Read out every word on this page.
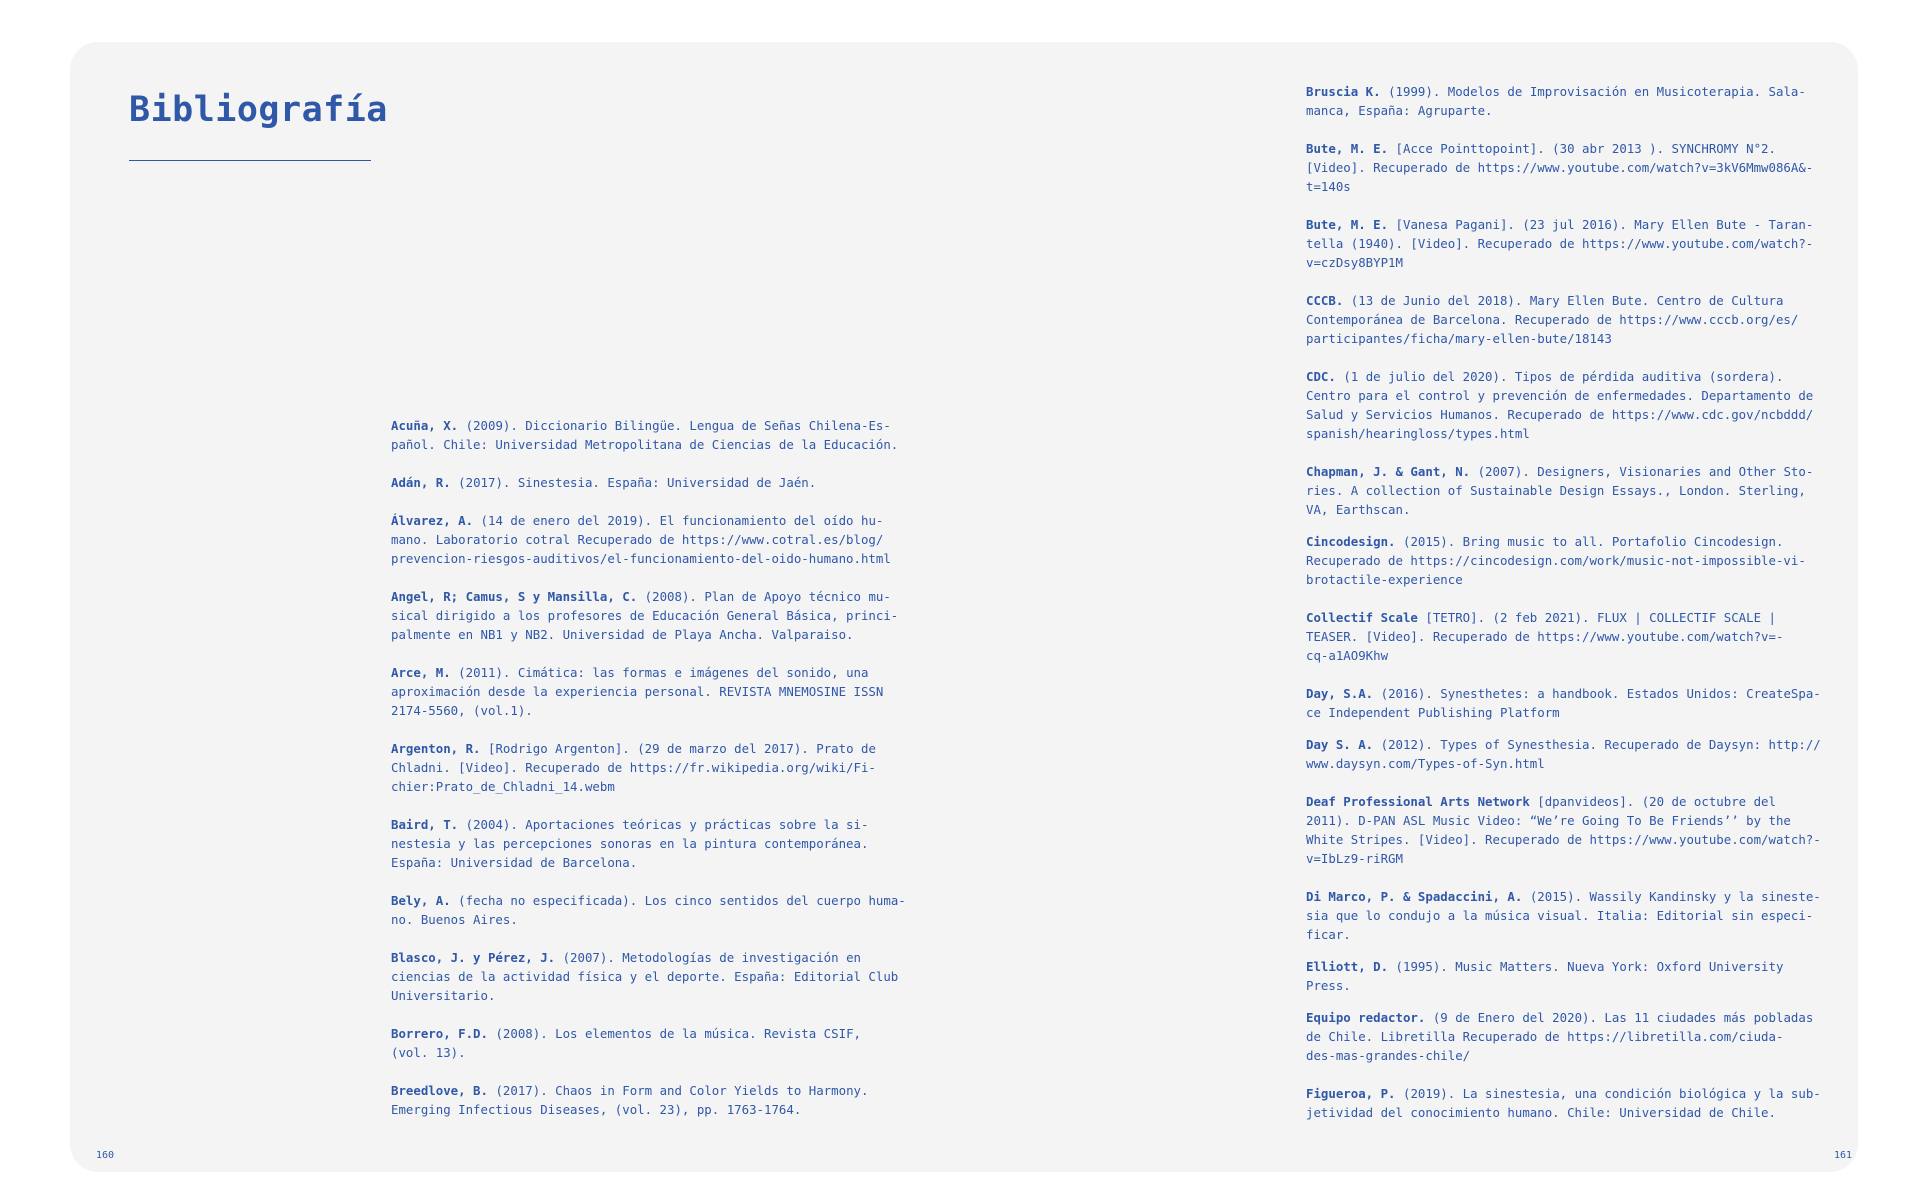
Bibliografía

Acuña, X. (2009). Diccionario Bilingüe. Lengua de Señas Chilena-Es-
pañol. Chile: Universidad Metropolitana de Ciencias de la Educación.

Adán, R. (2017). Sinestesia. España: Universidad de Jaén.

Álvarez, A. (14 de enero del 2019). El funcionamiento del oído hu-
mano. Laboratorio cotral Recuperado de https://www.cotral.es/blog/
prevencion-riesgos-auditivos/el-funcionamiento-del-oido-humano.html

Angel, R; Camus, S y Mansilla, C. (2008). Plan de Apoyo técnico mu-
sical dirigido a los profesores de Educación General Básica, princi-
palmente en NB1 y NB2. Universidad de Playa Ancha. Valparaiso.

Arce, M. (2011). Cimática: las formas e imágenes del sonido, una
aproximación desde la experiencia personal. REVISTA MNEMOSINE ISSN
2174-5560, (vol.1).

Argenton, R. [Rodrigo Argenton]. (29 de marzo del 2017). Prato de
Chladni. [Video]. Recuperado de https://fr.wikipedia.org/wiki/Fi-
chier:Prato_de_Chladni_14.webm

Baird, T. (2004). Aportaciones teóricas y prácticas sobre la si-
nestesia y las percepciones sonoras en la pintura contemporánea.
España: Universidad de Barcelona.

Bely, A. (fecha no especificada). Los cinco sentidos del cuerpo huma-
no. Buenos Aires.

Blasco, J. y Pérez, J. (2007). Metodologías de investigación en
ciencias de la actividad física y el deporte. España: Editorial Club
Universitario.

Borrero, F.D. (2008). Los elementos de la música. Revista CSIF,
(vol. 13).

Breedlove, B. (2017). Chaos in Form and Color Yields to Harmony.
Emerging Infectious Diseases, (vol. 23), pp. 1763-1764.

Bruscia K. (1999). Modelos de Improvisación en Musicoterapia. Sala-
manca, España: Agruparte.

Bute, M. E. [Acce Pointtopoint]. (30 abr 2013 ). SYNCHROMY N°2.
[Video]. Recuperado de https://www.youtube.com/watch?v=3kV6Mmw086A&-
t=140s

Bute, M. E. [Vanesa Pagani]. (23 jul 2016). Mary Ellen Bute - Taran-
tella (1940). [Video]. Recuperado de https://www.youtube.com/watch?-
v=czDsy8BYP1M

CCCB. (13 de Junio del 2018). Mary Ellen Bute. Centro de Cultura
Contemporánea de Barcelona. Recuperado de https://www.cccb.org/es/
participantes/ficha/mary-ellen-bute/18143

CDC. (1 de julio del 2020). Tipos de pérdida auditiva (sordera).
Centro para el control y prevención de enfermedades. Departamento de
Salud y Servicios Humanos. Recuperado de https://www.cdc.gov/ncbddd/
spanish/hearingloss/types.html

Chapman, J. & Gant, N. (2007). Designers, Visionaries and Other Sto-
ries. A collection of Sustainable Design Essays., London. Sterling,
VA, Earthscan.

Cincodesign. (2015). Bring music to all. Portafolio Cincodesign.
Recuperado de https://cincodesign.com/work/music-not-impossible-vi-
brotactile-experience

Collectif Scale [TETRO]. (2 feb 2021). FLUX | COLLECTIF SCALE |
TEASER. [Video]. Recuperado de https://www.youtube.com/watch?v=-
cq-a1AO9Khw

Day, S.A. (2016). Synesthetes: a handbook. Estados Unidos: CreateSpa-
ce Independent Publishing Platform

Day S. A. (2012). Types of Synesthesia. Recuperado de Daysyn: http://
www.daysyn.com/Types-of-Syn.html

Deaf Professional Arts Network [dpanvideos]. (20 de octubre del
2011). D-PAN ASL Music Video: “We’re Going To Be Friends’’ by the
White Stripes. [Video]. Recuperado de https://www.youtube.com/watch?-
v=IbLz9-riRGM

Di Marco, P. & Spadaccini, A. (2015). Wassily Kandinsky y la sineste-
sia que lo condujo a la música visual. Italia: Editorial sin especi-
ficar.

Elliott, D. (1995). Music Matters. Nueva York: Oxford University
Press.

Equipo redactor. (9 de Enero del 2020). Las 11 ciudades más pobladas
de Chile. Libretilla Recuperado de https://libretilla.com/ciuda-
des-mas-grandes-chile/

Figueroa, P. (2019). La sinestesia, una condición biológica y la sub-
jetividad del conocimiento humano. Chile: Universidad de Chile.

160	161
